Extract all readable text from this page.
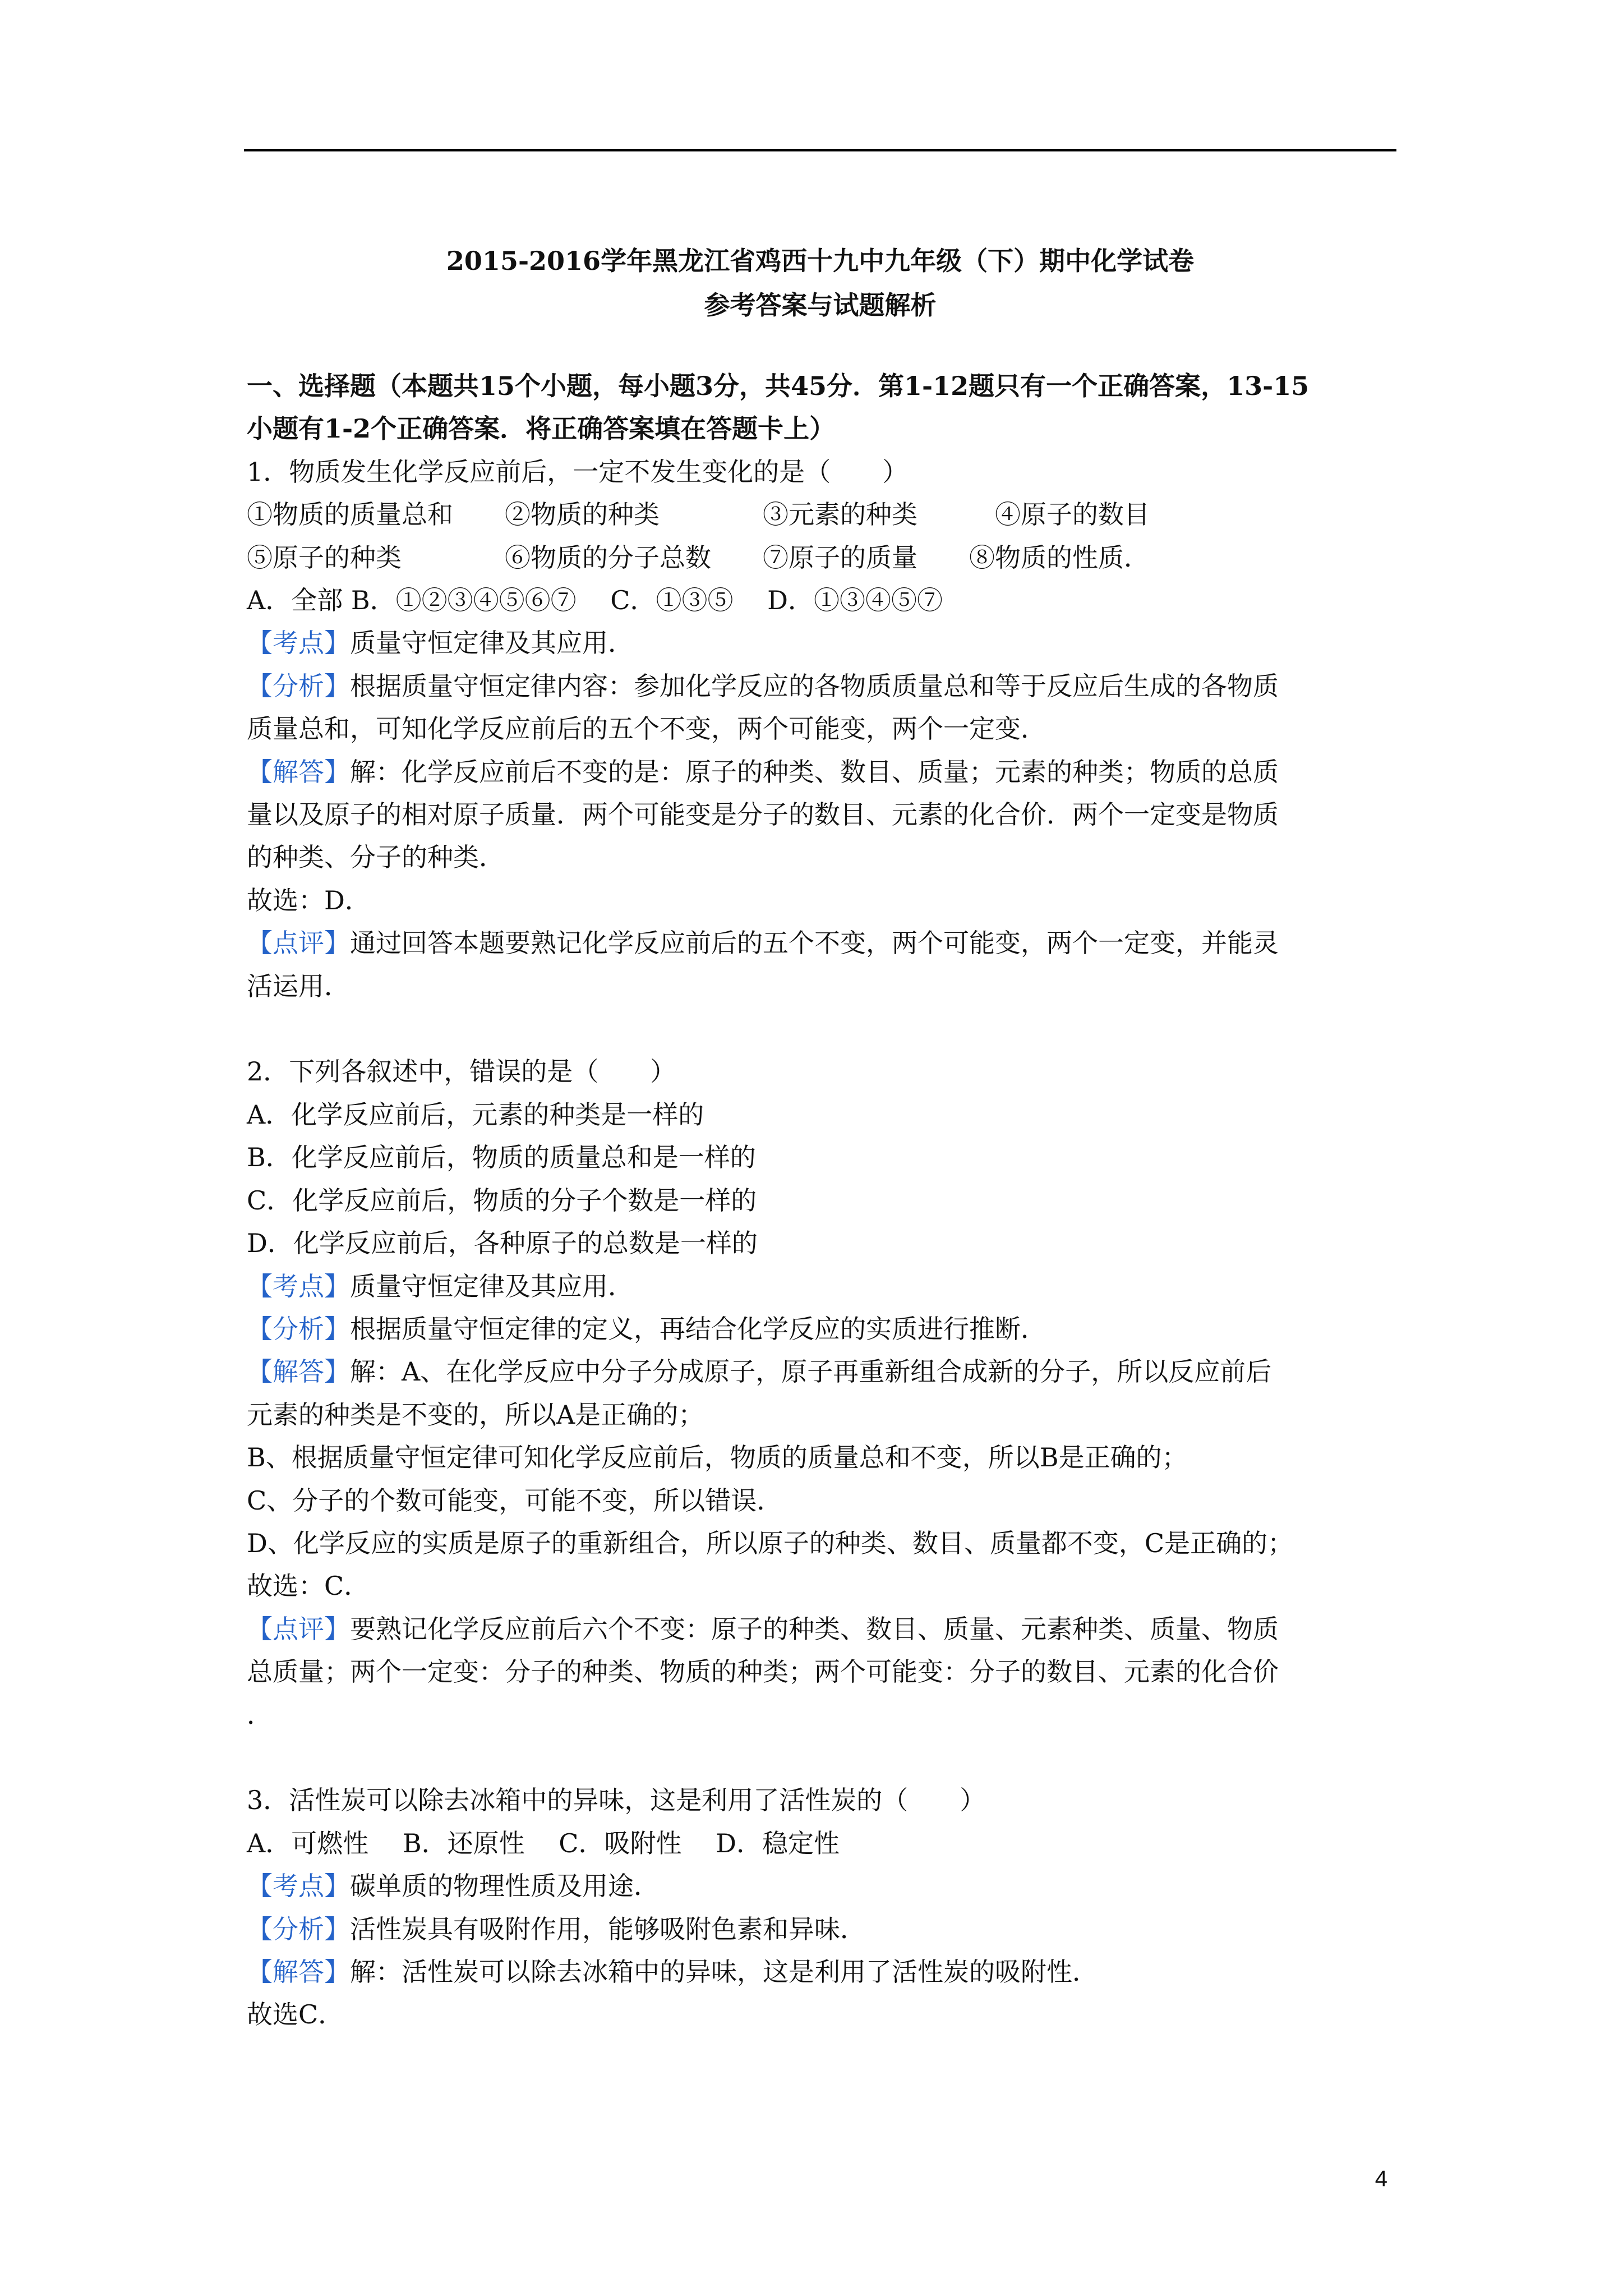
2015-2016学年黑龙江省鸡西十九中九年级（下）期中化学试卷
参考答案与试题解析

一、选择题（本题共15个小题，每小题3分，共45分．第1-12题只有一个正确答案，13-15

小题有1-2个正确答案．将正确答案填在答题卡上）

1．物质发生化学反应前后，一定不发生变化的是（　　）

①物质的质量总和　　②物质的种类　　　　③元素的种类　　　④原子的数目

⑤原子的种类　　　　⑥物质的分子总数　　⑦原子的质量　　⑧物质的性质．

A．全部 B．①②③④⑤⑥⑦　 C．①③⑤　 D．①③④⑤⑦

【考点】质量守恒定律及其应用．

【分析】根据质量守恒定律内容：参加化学反应的各物质质量总和等于反应后生成的各物质

质量总和，可知化学反应前后的五个不变，两个可能变，两个一定变．

【解答】解：化学反应前后不变的是：原子的种类、数目、质量；元素的种类；物质的总质

量以及原子的相对原子质量．两个可能变是分子的数目、元素的化合价．两个一定变是物质

的种类、分子的种类．

故选：D．

【点评】通过回答本题要熟记化学反应前后的五个不变，两个可能变，两个一定变，并能灵

活运用．

2．下列各叙述中，错误的是（　　）

A．化学反应前后，元素的种类是一样的

B．化学反应前后，物质的质量总和是一样的

C．化学反应前后，物质的分子个数是一样的

D．化学反应前后，各种原子的总数是一样的

【考点】质量守恒定律及其应用．

【分析】根据质量守恒定律的定义，再结合化学反应的实质进行推断．

【解答】解：A、在化学反应中分子分成原子，原子再重新组合成新的分子，所以反应前后

元素的种类是不变的，所以A是正确的；

B、根据质量守恒定律可知化学反应前后，物质的质量总和不变，所以B是正确的；

C、分子的个数可能变，可能不变，所以错误．

D、化学反应的实质是原子的重新组合，所以原子的种类、数目、质量都不变，C是正确的；

故选：C．

【点评】要熟记化学反应前后六个不变：原子的种类、数目、质量、元素种类、质量、物质

总质量；两个一定变：分子的种类、物质的种类；两个可能变：分子的数目、元素的化合价

．

3．活性炭可以除去冰箱中的异味，这是利用了活性炭的（　　）

A．可燃性　 B．还原性　 C．吸附性　 D．稳定性

【考点】碳单质的物理性质及用途．

【分析】活性炭具有吸附作用，能够吸附色素和异味．

【解答】解：活性炭可以除去冰箱中的异味，这是利用了活性炭的吸附性．

故选C．

4
